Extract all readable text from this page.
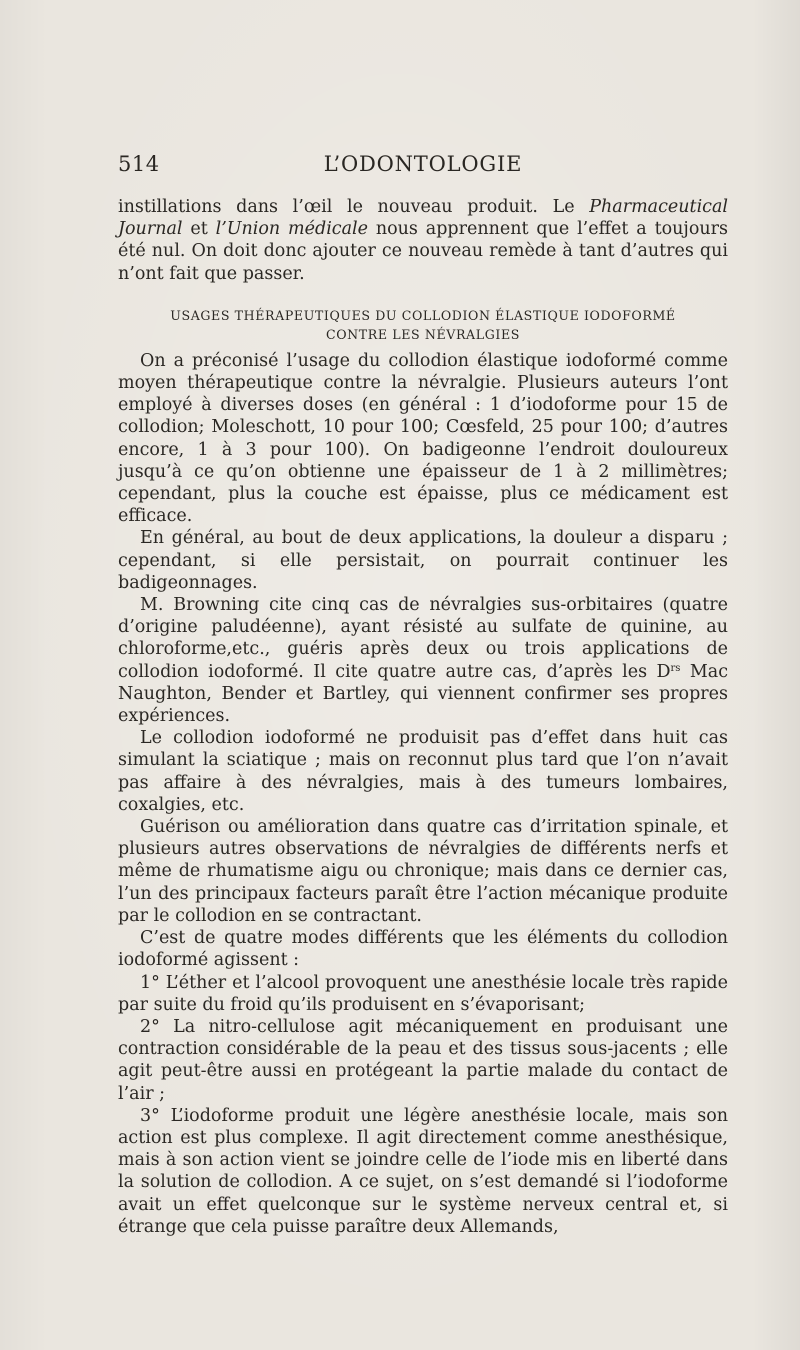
514	L’ODONTOLOGIE

instillations dans l’œil le nouveau produit. Le Pharmaceutical Journal et l’Union médicale nous apprennent que l’effet a toujours été nul. On doit donc ajouter ce nouveau remède à tant d’autres qui n’ont fait que passer.

USAGES THÉRAPEUTIQUES DU COLLODION ÉLASTIQUE IODOFORMÉ
CONTRE LES NÉVRALGIES

On a préconisé l’usage du collodion élastique iodoformé comme moyen thérapeutique contre la névralgie. Plusieurs auteurs l’ont employé à diverses doses (en général : 1 d’iodoforme pour 15 de collodion; Moleschott, 10 pour 100; Cœsfeld, 25 pour 100; d’autres encore, 1 à 3 pour 100). On badigeonne l’endroit douloureux jusqu’à ce qu’on obtienne une épaisseur de 1 à 2 millimètres; cependant, plus la couche est épaisse, plus ce médicament est efficace.

En général, au bout de deux applications, la douleur a disparu ; cependant, si elle persistait, on pourrait continuer les badigeonnages.

M. Browning cite cinq cas de névralgies sus-orbitaires (quatre d’origine paludéenne), ayant résisté au sulfate de quinine, au chloroforme,etc., guéris après deux ou trois applications de collodion iodoformé. Il cite quatre autre cas, d’après les $D^{rs}$ Mac Naughton, Bender et Bartley, qui viennent confirmer ses propres expériences.

Le collodion iodoformé ne produisit pas d’effet dans huit cas simulant la sciatique ; mais on reconnut plus tard que l’on n’avait pas affaire à des névralgies, mais à des tumeurs lombaires, coxalgies, etc.

Guérison ou amélioration dans quatre cas d’irritation spinale, et plusieurs autres observations de névralgies de différents nerfs et même de rhumatisme aigu ou chronique; mais dans ce dernier cas, l’un des principaux facteurs paraît être l’action mécanique produite par le collodion en se contractant.

C’est de quatre modes différents que les éléments du collodion iodoformé agissent :

1° L’éther et l’alcool provoquent une anesthésie locale très rapide par suite du froid qu’ils produisent en s’évaporisant;

2° La nitro-cellulose agit mécaniquement en produisant une contraction considérable de la peau et des tissus sous-jacents ; elle agit peut-être aussi en protégeant la partie malade du contact de l’air ;

3° L’iodoforme produit une légère anesthésie locale, mais son action est plus complexe. Il agit directement comme anesthésique, mais à son action vient se joindre celle de l’iode mis en liberté dans la solution de collodion. A ce sujet, on s’est demandé si l’iodoforme avait un effet quelconque sur le système nerveux central et, si étrange que cela puisse paraître deux Allemands,
